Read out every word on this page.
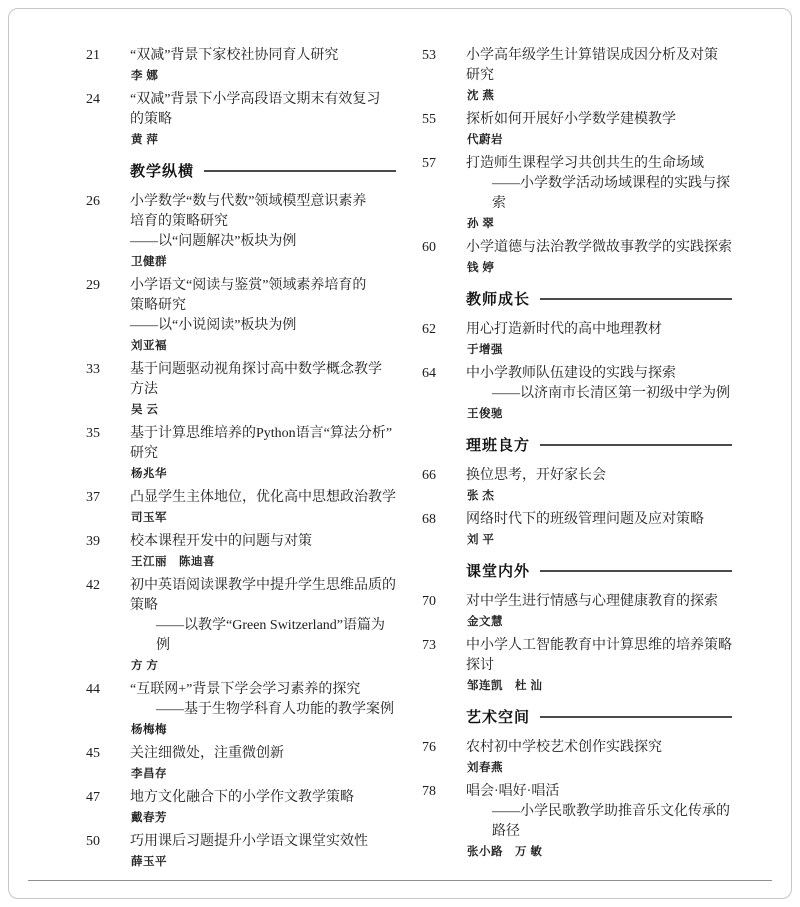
21	“双减”背景下家校社协同育人研究
李 娜
24	“双减”背景下小学高段语文期末有效复习
的策略
黄 萍
教学纵横
26	小学数学“数与代数”领域模型意识素养
培育的策略研究
——以“问题解决”板块为例
卫健群
29	小学语文“阅读与鉴赏”领域素养培育的
策略研究
——以“小说阅读”板块为例
刘亚褔
33	基于问题驱动视角探讨高中数学概念教学
方法
吴 云
35	基于计算思维培养的Python语言“算法分析”
研究
杨兆华
37	凸显学生主体地位，优化高中思想政治教学
司玉军
39	校本课程开发中的问题与对策
王江丽　陈迪喜
42	初中英语阅读课教学中提升学生思维品质的
策略
——以教学“Green Switzerland”语篇为例
方 方
44	“互联网+”背景下学会学习素养的探究
——基于生物学科育人功能的教学案例
杨梅梅
45	关注细微处，注重微创新
李昌存
47	地方文化融合下的小学作文教学策略
戴春芳
50	巧用课后习题提升小学语文课堂实效性
薛玉平
53	小学高年级学生计算错误成因分析及对策
研究
沈 燕
55	探析如何开展好小学数学建模教学
代蔚岩
57	打造师生课程学习共创共生的生命场域
——小学数学活动场域课程的实践与探索
孙 翠
60	小学道德与法治教学微故事教学的实践探索
钱 婷
教师成长
62	用心打造新时代的高中地理教材
于增强
64	中小学教师队伍建设的实践与探索
——以济南市长清区第一初级中学为例
王俊驰
理班良方
66	换位思考，开好家长会
张 杰
68	网络时代下的班级管理问题及应对策略
刘 平
课堂内外
70	对中学生进行情感与心理健康教育的探索
金文慧
73	中小学人工智能教育中计算思维的培养策略
探讨
邹连凯　杜 汕
艺术空间
76	农村初中学校艺术创作实践探究
刘春燕
78	唱会·唱好·唱活
——小学民歌教学助推音乐文化传承的路径
张小路　万 敏
